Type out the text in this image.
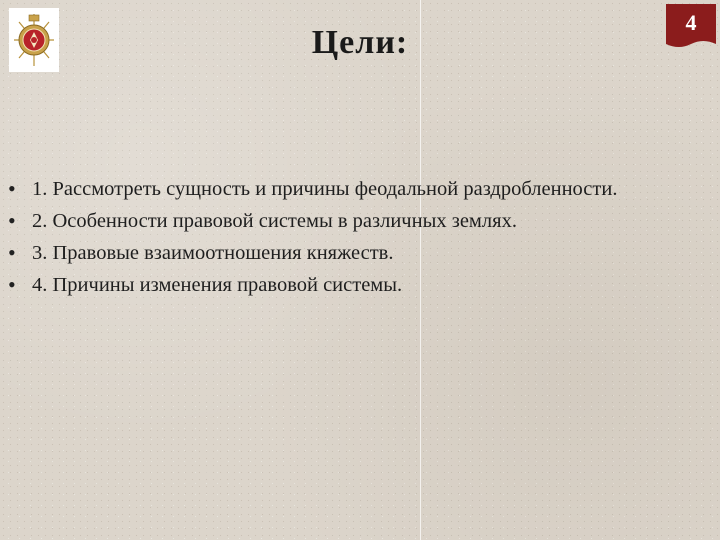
Цели:
4
• 1. Рассмотреть сущность и причины феодальной раздробленности.
• 2. Особенности правовой системы в различных землях.
• 3. Правовые взаимоотношения княжеств.
• 4. Причины изменения правовой системы.
